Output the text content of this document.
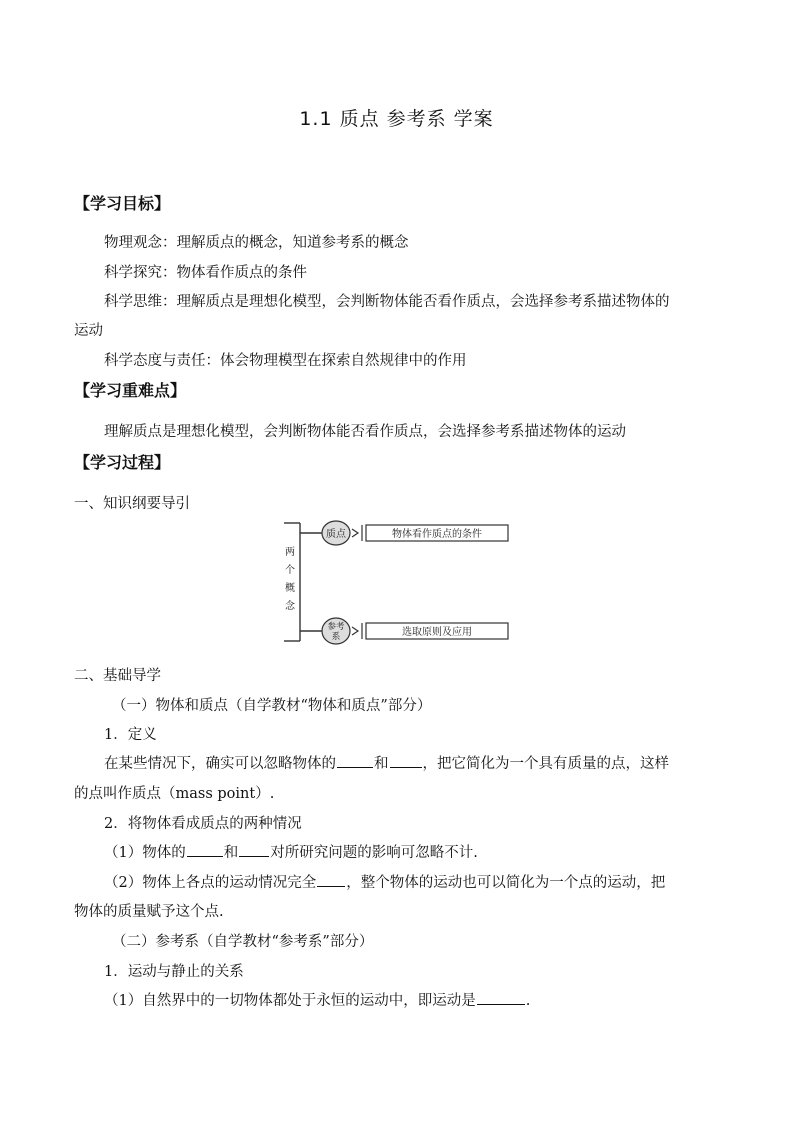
1.1 质点 参考系 学案
【学习目标】
物理观念：理解质点的概念，知道参考系的概念
科学探究：物体看作质点的条件
科学思维：理解质点是理想化模型，会判断物体能否看作质点，会选择参考系描述物体的
运动
科学态度与责任：体会物理模型在探索自然规律中的作用
【学习重难点】
理解质点是理想化模型，会判断物体能否看作质点，会选择参考系描述物体的运动
【学习过程】
一、知识纲要导引
两
个
概
念
质点	物体看作质点的条件
参考
系	选取原则及应用
二、基础导学
（一）物体和质点（自学教材“物体和质点”部分）
1．定义
在某些情况下，确实可以忽略物体的	和 ，把它简化为一个具有质量的点，这样
的点叫作质点（mass point）.
2．将物体看成质点的两种情况
（1）物体的	和 对所研究问题的影响可忽略不计.
（2）物体上各点的运动情况完全 ，整个物体的运动也可以简化为一个点的运动，把
物体的质量赋予这个点.
（二）参考系（自学教材“参考系”部分）
1．运动与静止的关系
（1）自然界中的一切物体都处于永恒的运动中，即运动是	.
